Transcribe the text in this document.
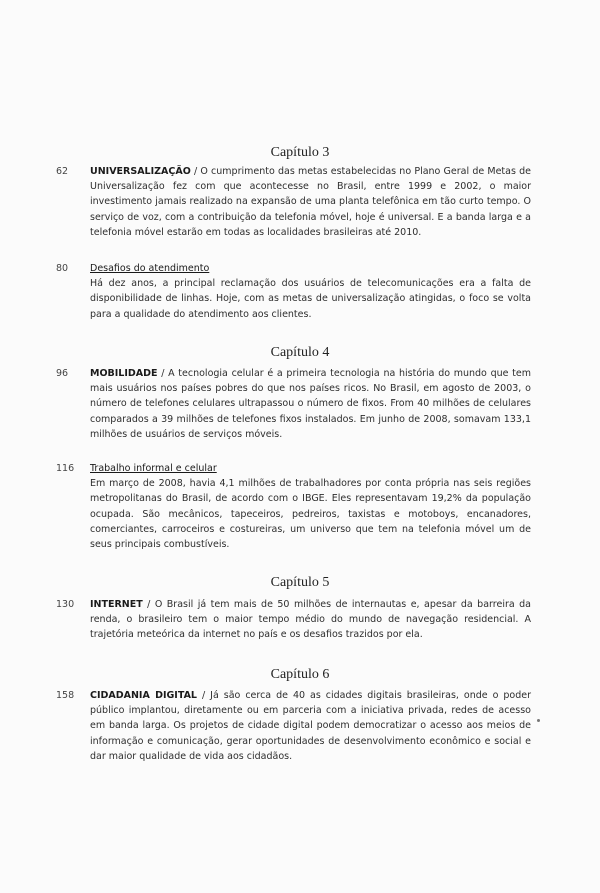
Capítulo 3
62	UNIVERSALIZAÇÃO / O cumprimento das metas estabelecidas no Plano Geral de Metas de Universalização fez com que acontecesse no Brasil, entre 1999 e 2002, o maior investimento jamais realizado na expansão de uma planta telefônica em tão curto tempo. O serviço de voz, com a contribuição da telefonia móvel, hoje é universal. E a banda larga e a telefonia móvel estarão em todas as localidades brasileiras até 2010.
80	Desafios do atendimento
Há dez anos, a principal reclamação dos usuários de telecomunicações era a falta de disponibilidade de linhas. Hoje, com as metas de universalização atingidas, o foco se volta para a qualidade do atendimento aos clientes.
Capítulo 4
96	MOBILIDADE / A tecnologia celular é a primeira tecnologia na história do mundo que tem mais usuários nos países pobres do que nos países ricos. No Brasil, em agosto de 2003, o número de telefones celulares ultrapassou o número de fixos. From 40 milhões de celulares comparados a 39 milhões de telefones fixos instalados. Em junho de 2008, somavam 133,1 milhões de usuários de serviços móveis.
116	Trabalho informal e celular
Em março de 2008, havia 4,1 milhões de trabalhadores por conta própria nas seis regiões metropolitanas do Brasil, de acordo com o IBGE. Eles representavam 19,2% da população ocupada. São mecânicos, tapeceiros, pedreiros, taxistas e motoboys, encanadores, comerciantes, carroceiros e costureiras, um universo que tem na telefonia móvel um de seus principais combustíveis.
Capítulo 5
130	INTERNET / O Brasil já tem mais de 50 milhões de internautas e, apesar da barreira da renda, o brasileiro tem o maior tempo médio do mundo de navegação residencial. A trajetória meteórica da internet no país e os desafios trazidos por ela.
Capítulo 6
158	CIDADANIA DIGITAL / Já são cerca de 40 as cidades digitais brasileiras, onde o poder público implantou, diretamente ou em parceria com a iniciativa privada, redes de acesso em banda larga. Os projetos de cidade digital podem democratizar o acesso aos meios de informação e comunicação, gerar oportunidades de desenvolvimento econômico e social e dar maior qualidade de vida aos cidadãos.
